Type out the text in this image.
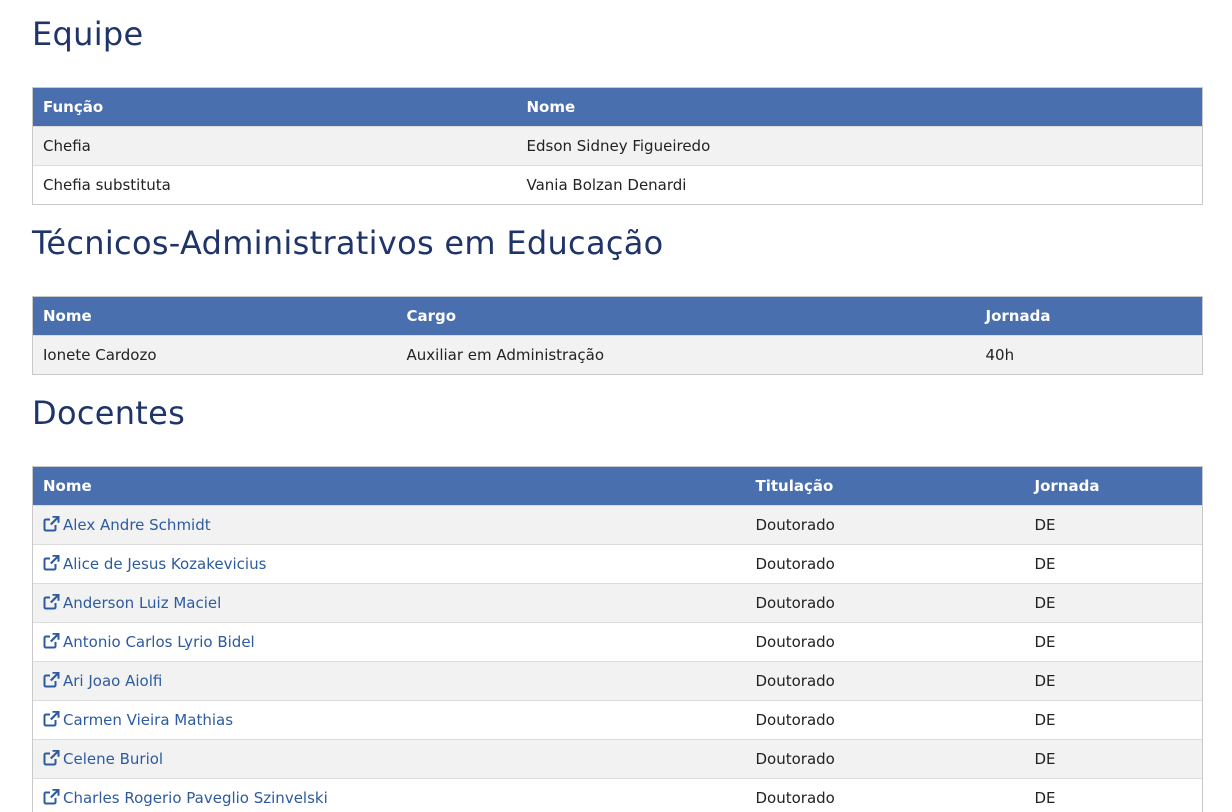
Equipe
Função	Nome
Chefia	Edson Sidney Figueiredo
Chefia substituta	Vania Bolzan Denardi
Técnicos-Administrativos em Educação
Nome	Cargo	Jornada
Ionete Cardozo	Auxiliar em Administração	40h
Docentes
Nome	Titulação	Jornada
Alex Andre Schmidt	Doutorado	DE
Alice de Jesus Kozakevicius	Doutorado	DE
Anderson Luiz Maciel	Doutorado	DE
Antonio Carlos Lyrio Bidel	Doutorado	DE
Ari Joao Aiolfi	Doutorado	DE
Carmen Vieira Mathias	Doutorado	DE
Celene Buriol	Doutorado	DE
Charles Rogerio Paveglio Szinvelski	Doutorado	DE
